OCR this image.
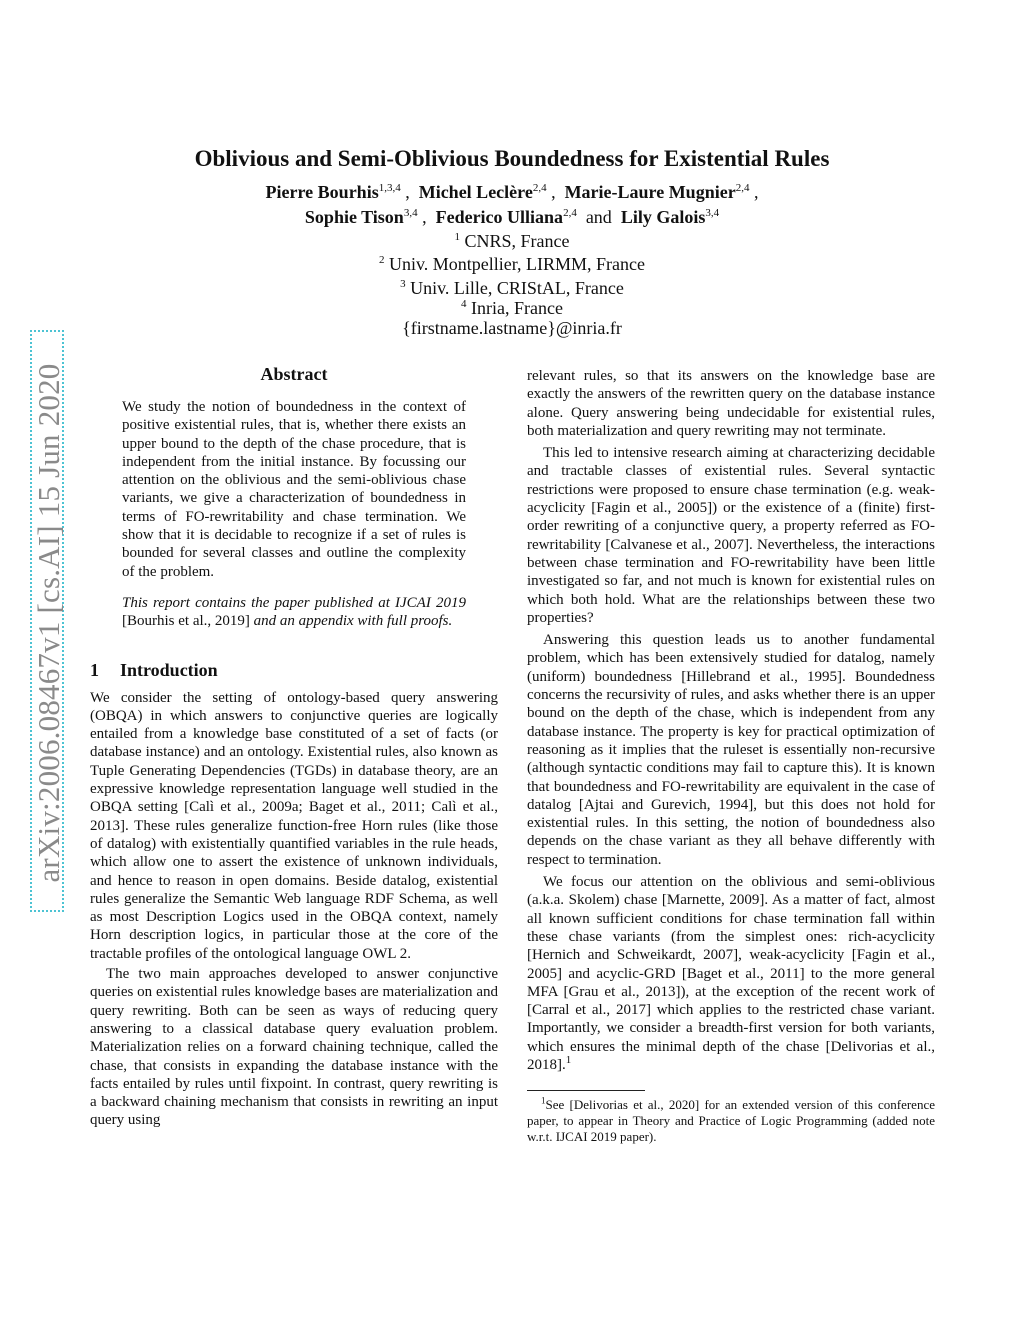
arXiv:2006.08467v1 [cs.AI] 15 Jun 2020
Oblivious and Semi-Oblivious Boundedness for Existential Rules
Pierre Bourhis$^{1,3,4}$ ,  Michel Leclère$^{2,4}$ ,  Marie-Laure Mugnier$^{2,4}$ ,
Sophie Tison$^{3,4}$ ,  Federico Ulliana$^{2,4}$ and Lily Galois$^{3,4}$
$^1$ CNRS, France
$^2$ Univ. Montpellier, LIRMM, France
$^3$ Univ. Lille, CRIStAL, France
$^4$ Inria, France
{firstname.lastname}@inria.fr
Abstract
We study the notion of boundedness in the context of positive existential rules, that is, whether there exists an upper bound to the depth of the chase procedure, that is independent from the initial instance. By focussing our attention on the oblivious and the semi-oblivious chase variants, we give a characterization of boundedness in terms of FO-rewritability and chase termination. We show that it is decidable to recognize if a set of rules is bounded for several classes and outline the complexity of the problem.
This report contains the paper published at IJCAI 2019 [Bourhis et al., 2019] and an appendix with full proofs.
1 Introduction

We consider the setting of ontology-based query answering (OBQA) in which answers to conjunctive queries are logically entailed from a knowledge base constituted of a set of facts (or database instance) and an ontology. Existential rules, also known as Tuple Generating Dependencies (TGDs) in database theory, are an expressive knowledge representation language well studied in the OBQA setting [Calì et al., 2009a; Baget et al., 2011; Calì et al., 2013]. These rules generalize function-free Horn rules (like those of datalog) with existentially quantified variables in the rule heads, which allow one to assert the existence of unknown individuals, and hence to reason in open domains. Beside datalog, existential rules generalize the Semantic Web language RDF Schema, as well as most Description Logics used in the OBQA context, namely Horn description logics, in particular those at the core of the tractable profiles of the ontological language OWL 2.

The two main approaches developed to answer conjunctive queries on existential rules knowledge bases are materialization and query rewriting. Both can be seen as ways of reducing query answering to a classical database query evaluation problem. Materialization relies on a forward chaining technique, called the chase, that consists in expanding the database instance with the facts entailed by rules until fixpoint. In contrast, query rewriting is a backward chaining mechanism that consists in rewriting an input query using

relevant rules, so that its answers on the knowledge base are exactly the answers of the rewritten query on the database instance alone. Query answering being undecidable for existential rules, both materialization and query rewriting may not terminate.

This led to intensive research aiming at characterizing decidable and tractable classes of existential rules. Several syntactic restrictions were proposed to ensure chase termination (e.g. weak-acyclicity [Fagin et al., 2005]) or the existence of a (finite) first-order rewriting of a conjunctive query, a property referred as FO-rewritability [Calvanese et al., 2007]. Nevertheless, the interactions between chase termination and FO-rewritability have been little investigated so far, and not much is known for existential rules on which both hold. What are the relationships between these two properties?

Answering this question leads us to another fundamental problem, which has been extensively studied for datalog, namely (uniform) boundedness [Hillebrand et al., 1995]. Boundedness concerns the recursivity of rules, and asks whether there is an upper bound on the depth of the chase, which is independent from any database instance. The property is key for practical optimization of reasoning as it implies that the ruleset is essentially non-recursive (although syntactic conditions may fail to capture this). It is known that boundedness and FO-rewritability are equivalent in the case of datalog [Ajtai and Gurevich, 1994], but this does not hold for existential rules. In this setting, the notion of boundedness also depends on the chase variant as they all behave differently with respect to termination.

We focus our attention on the oblivious and semi-oblivious (a.k.a. Skolem) chase [Marnette, 2009]. As a matter of fact, almost all known sufficient conditions for chase termination fall within these chase variants (from the simplest ones: rich-acyclicity [Hernich and Schweikardt, 2007], weak-acyclicity [Fagin et al., 2005] and acyclic-GRD [Baget et al., 2011] to the more general MFA [Grau et al., 2013]), at the exception of the recent work of [Carral et al., 2017] which applies to the restricted chase variant. Importantly, we consider a breadth-first version for both variants, which ensures the minimal depth of the chase [Delivorias et al., 2018].$^1$

$^1$See [Delivorias et al., 2020] for an extended version of this conference paper, to appear in Theory and Practice of Logic Programming (added note w.r.t. IJCAI 2019 paper).
